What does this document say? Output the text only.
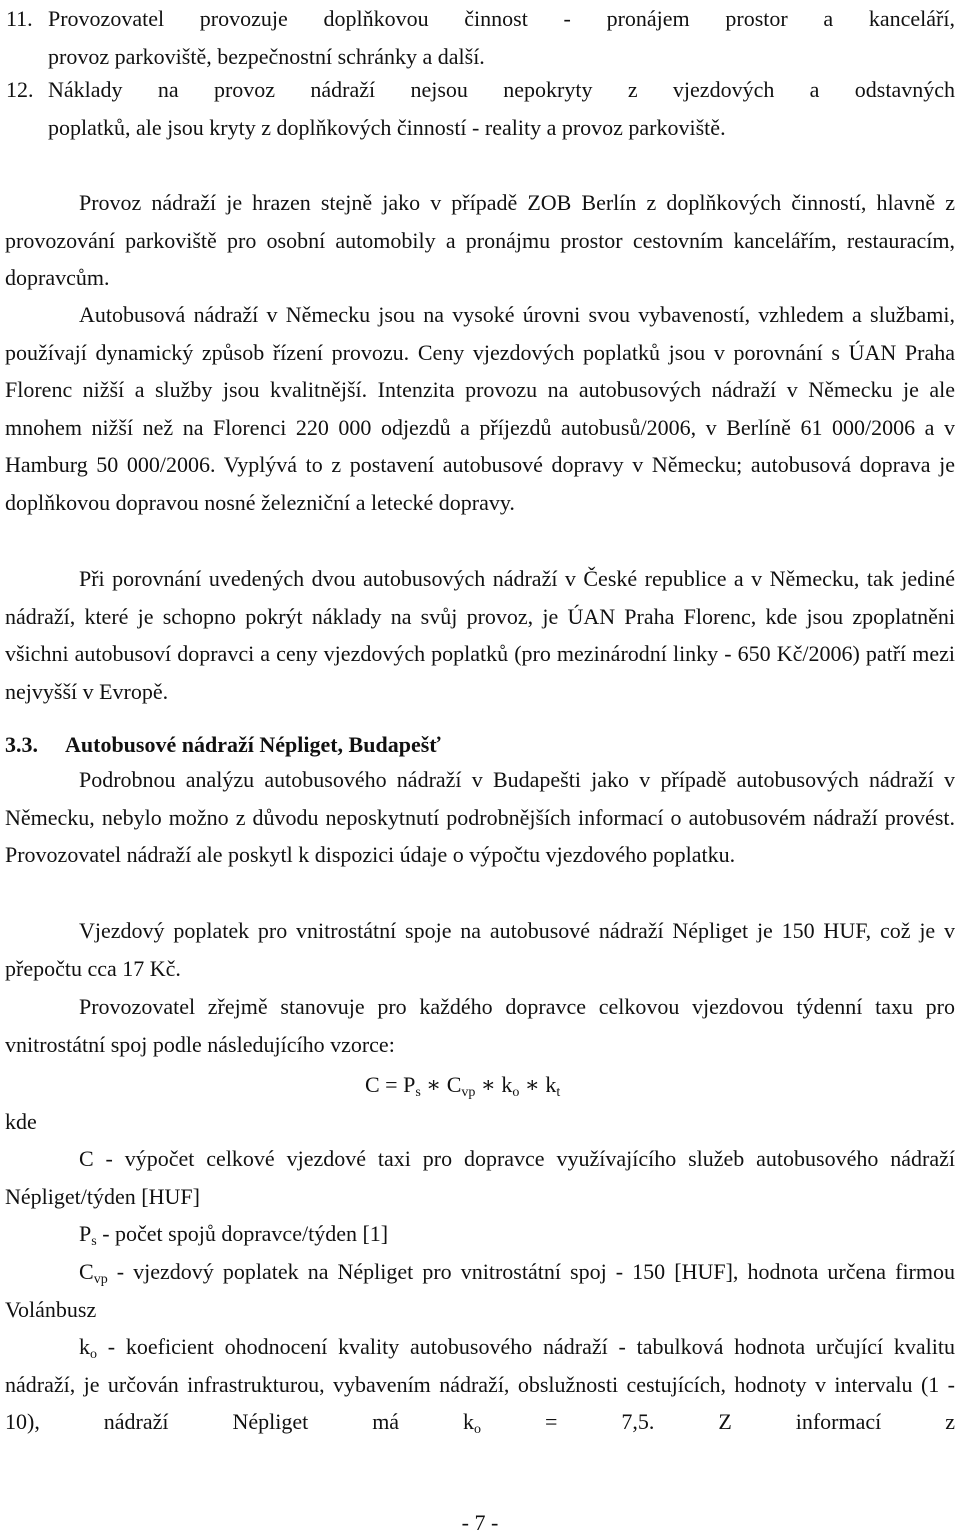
11. Provozovatel provozuje doplňkovou činnost - pronájem prostor a kanceláří,
provoz parkoviště, bezpečnostní schránky a další.
12. Náklady na provoz nádraží nejsou nepokryty z vjezdových a odstavných
poplatků, ale jsou kryty z doplňkových činností - reality a provoz parkoviště.

Provoz nádraží je hrazen stejně jako v případě ZOB Berlín z doplňkových činností, hlavně z provozování parkoviště pro osobní automobily a pronájmu prostor cestovním kancelářím, restauracím, dopravcům.

Autobusová nádraží v Německu jsou na vysoké úrovni svou vybaveností, vzhledem a službami, používají dynamický způsob řízení provozu. Ceny vjezdových poplatků jsou v porovnání s ÚAN Praha Florenc nižší a služby jsou kvalitnější. Intenzita provozu na autobusových nádraží v Německu je ale mnohem nižší než na Florenci 220 000 odjezdů a příjezdů autobusů/2006, v Berlíně 61 000/2006 a v Hamburg 50 000/2006. Vyplývá to z postavení autobusové dopravy v Německu; autobusová doprava je doplňkovou dopravou nosné železniční a letecké dopravy.

Při porovnání uvedených dvou autobusových nádraží v České republice a v Německu, tak jediné nádraží, které je schopno pokrýt náklady na svůj provoz, je ÚAN Praha Florenc, kde jsou zpoplatněni všichni autobusoví dopravci a ceny vjezdových poplatků (pro mezinárodní linky - 650 Kč/2006) patří mezi nejvyšší v Evropě.

3.3. Autobusové nádraží Népliget, Budapešť

Podrobnou analýzu autobusového nádraží v Budapešti jako v případě autobusových nádraží v Německu, nebylo možno z důvodu neposkytnutí podrobnějších informací o autobusovém nádraží provést. Provozovatel nádraží ale poskytl k dispozici údaje o výpočtu vjezdového poplatku.

Vjezdový poplatek pro vnitrostátní spoje na autobusové nádraží Népliget je 150 HUF, což je v přepočtu cca 17 Kč.

Provozovatel zřejmě stanovuje pro každého dopravce celkovou vjezdovou týdenní taxu pro vnitrostátní spoj podle následujícího vzorce:

$C = P_s$ ∗ $C_{vp}$ ∗ $k_o$ ∗ $k_t$

kde

C - výpočet celkové vjezdové taxi pro dopravce využívajícího služeb autobusového nádraží Népliget/týden [HUF]

$P_s$ - počet spojů dopravce/týden [1]

$C_{vp}$ - vjezdový poplatek na Népliget pro vnitrostátní spoj - 150 [HUF], hodnota určena firmou Volánbusz

$k_o$ - koeficient ohodnocení kvality autobusového nádraží - tabulková hodnota určující kvalitu nádraží, je určován infrastrukturou, vybavením nádraží, obslužnosti cestujících, hodnoty v intervalu (1 - 10), nádraží Népliget má $k_o = 7,5$. Z informací z

- 7 -
